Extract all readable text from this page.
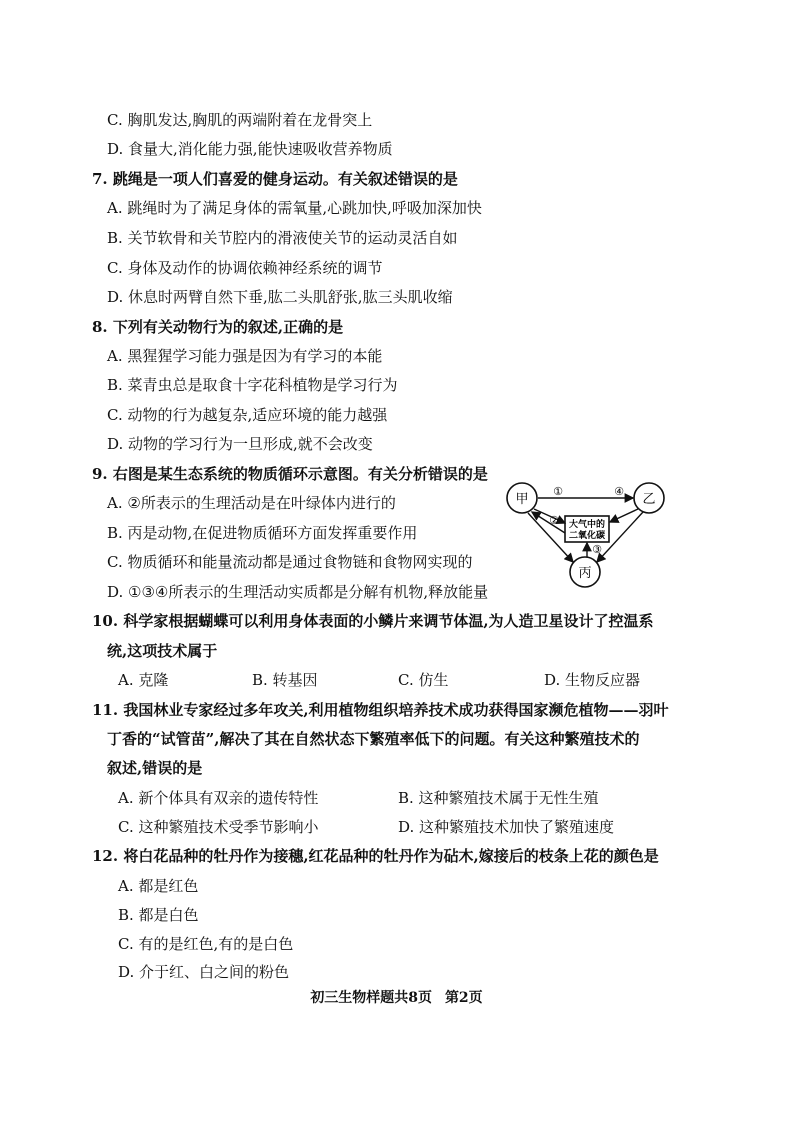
C. 胸肌发达,胸肌的两端附着在龙骨突上
D. 食量大,消化能力强,能快速吸收营养物质
7. 跳绳是一项人们喜爱的健身运动。有关叙述错误的是
A. 跳绳时为了满足身体的需氧量,心跳加快,呼吸加深加快
B. 关节软骨和关节腔内的滑液使关节的运动灵活自如
C. 身体及动作的协调依赖神经系统的调节
D. 休息时两臂自然下垂,肱二头肌舒张,肱三头肌收缩
8. 下列有关动物行为的叙述,正确的是
A. 黑猩猩学习能力强是因为有学习的本能
B. 菜青虫总是取食十字花科植物是学习行为
C. 动物的行为越复杂,适应环境的能力越强
D. 动物的学习行为一旦形成,就不会改变
9. 右图是某生态系统的物质循环示意图。有关分析错误的是
A. ②所表示的生理活动是在叶绿体内进行的
B. 丙是动物,在促进物质循环方面发挥重要作用
C. 物质循环和能量流动都是通过食物链和食物网实现的
D. ①③④所表示的生理活动实质都是分解有机物,释放能量
10. 科学家根据蝴蝶可以利用身体表面的小鳞片来调节体温,为人造卫星设计了控温系
统,这项技术属于
A. 克隆	B. 转基因	C. 仿生	D. 生物反应器
11. 我国林业专家经过多年攻关,利用植物组织培养技术成功获得国家濒危植物——羽叶
丁香的“试管苗”,解决了其在自然状态下繁殖率低下的问题。有关这种繁殖技术的
叙述,错误的是
A. 新个体具有双亲的遗传特性	B. 这种繁殖技术属于无性生殖
C. 这种繁殖技术受季节影响小	D. 这种繁殖技术加快了繁殖速度
12. 将白花品种的牡丹作为接穗,红花品种的牡丹作为砧木,嫁接后的枝条上花的颜色是
A. 都是红色
B. 都是白色
C. 有的是红色,有的是白色
D. 介于红、白之间的粉色
甲	乙
丙
大气中的
二氧化碳
①	④
②
③
初三生物样题共8页 第2页
